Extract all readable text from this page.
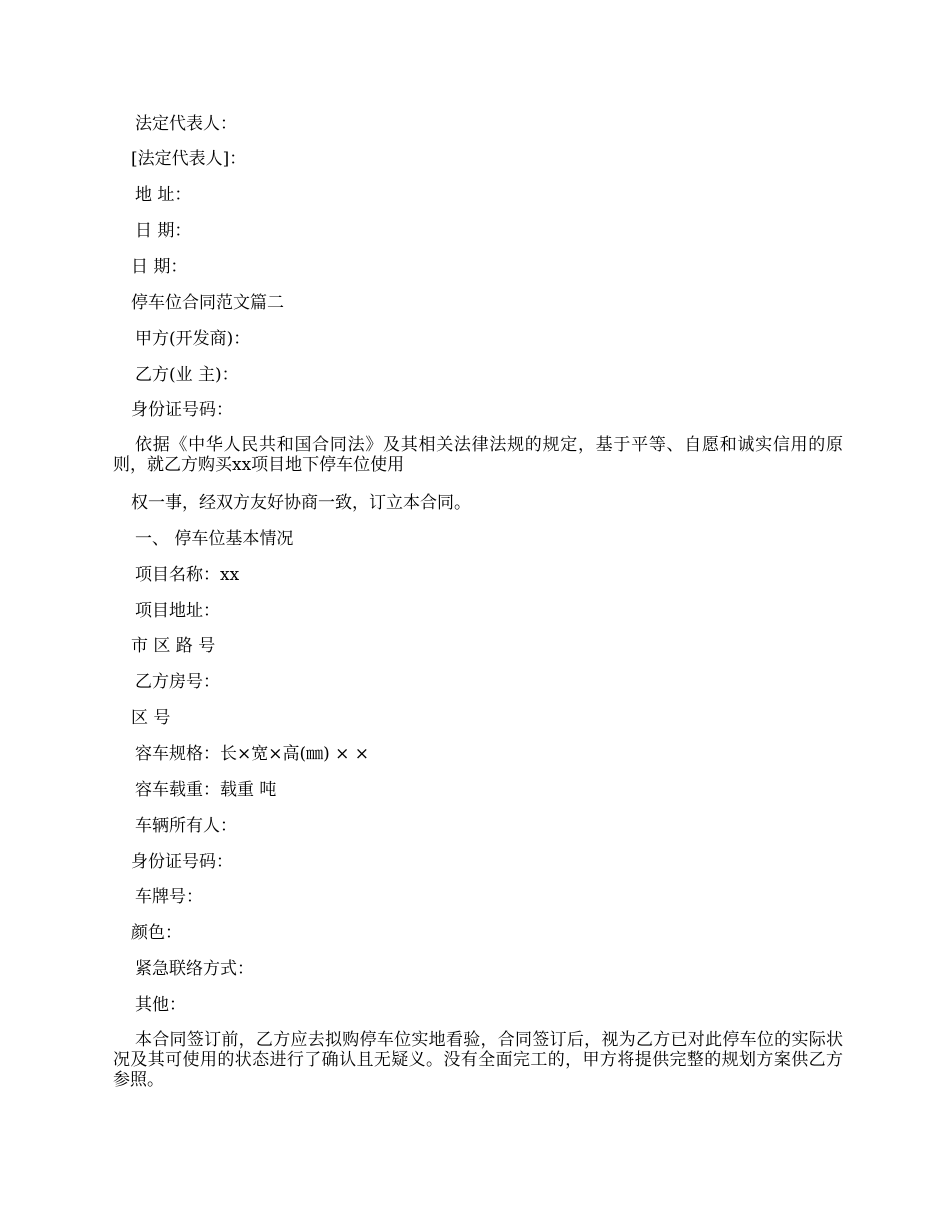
法定代表人：

[法定代表人]：

地 址：

日 期：

日 期：

停车位合同范文篇二

甲方(开发商)：

乙方(业 主)：

身份证号码：

依据《中华人民共和国合同法》及其相关法律法规的规定，基于平等、自愿和诚实信用的原则，就乙方购买xx项目地下停车位使用

权一事，经双方友好协商一致，订立本合同。

一、 停车位基本情况

项目名称：xx

项目地址：

市 区 路 号

乙方房号：

区 号

容车规格：长×宽×高(㎜) × ×

容车载重：载重 吨

车辆所有人：

身份证号码：

车牌号：

颜色：

紧急联络方式：

其他：

本合同签订前，乙方应去拟购停车位实地看验，合同签订后，视为乙方已对此停车位的实际状况及其可使用的状态进行了确认且无疑义。没有全面完工的，甲方将提供完整的规划方案供乙方参照。
